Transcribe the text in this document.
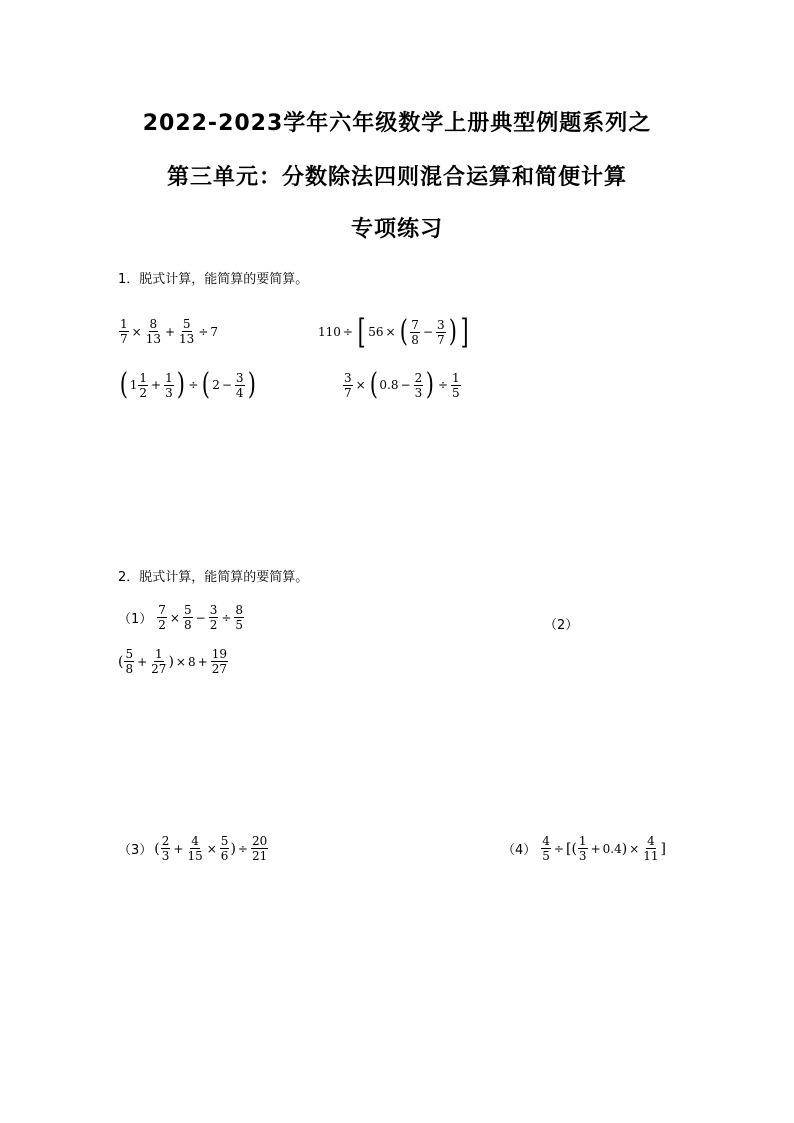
2022-2023学年六年级数学上册典型例题系列之
第三单元：分数除法四则混合运算和简便计算
专项练习
1．脱式计算，能简算的要简算。
$\frac{1}{7} \times \frac{8}{13} + \frac{5}{13} \div 7$	110 ÷ [ 56 × ( $\frac{7}{8} - \frac{3}{7}$ ) ]
( $1 \frac{1}{2} + \frac{1}{3}$ ) ÷ ( $2 - \frac{3}{4}$ )	$\frac{3}{7}$ × ( $0.8 - \frac{2}{3}$ ) ÷ $\frac{1}{5}$
2．脱式计算，能简算的要简算。
$(1) \frac{7}{2} \times \frac{5}{8} - \frac{3}{2} \div \frac{8}{5}$	（2）
( $\frac{5}{8} + \frac{1}{27}$ ) × $8 + \frac{19}{27}$
（3） ( $\frac{2}{3} + \frac{4}{15} \times \frac{5}{6}$ ) ÷ $\frac{20}{21}$	$(4) \frac{4}{5}$ ÷ [( $\frac{1}{3} + 0.4$ ) × $\frac{4}{11}$ ]
